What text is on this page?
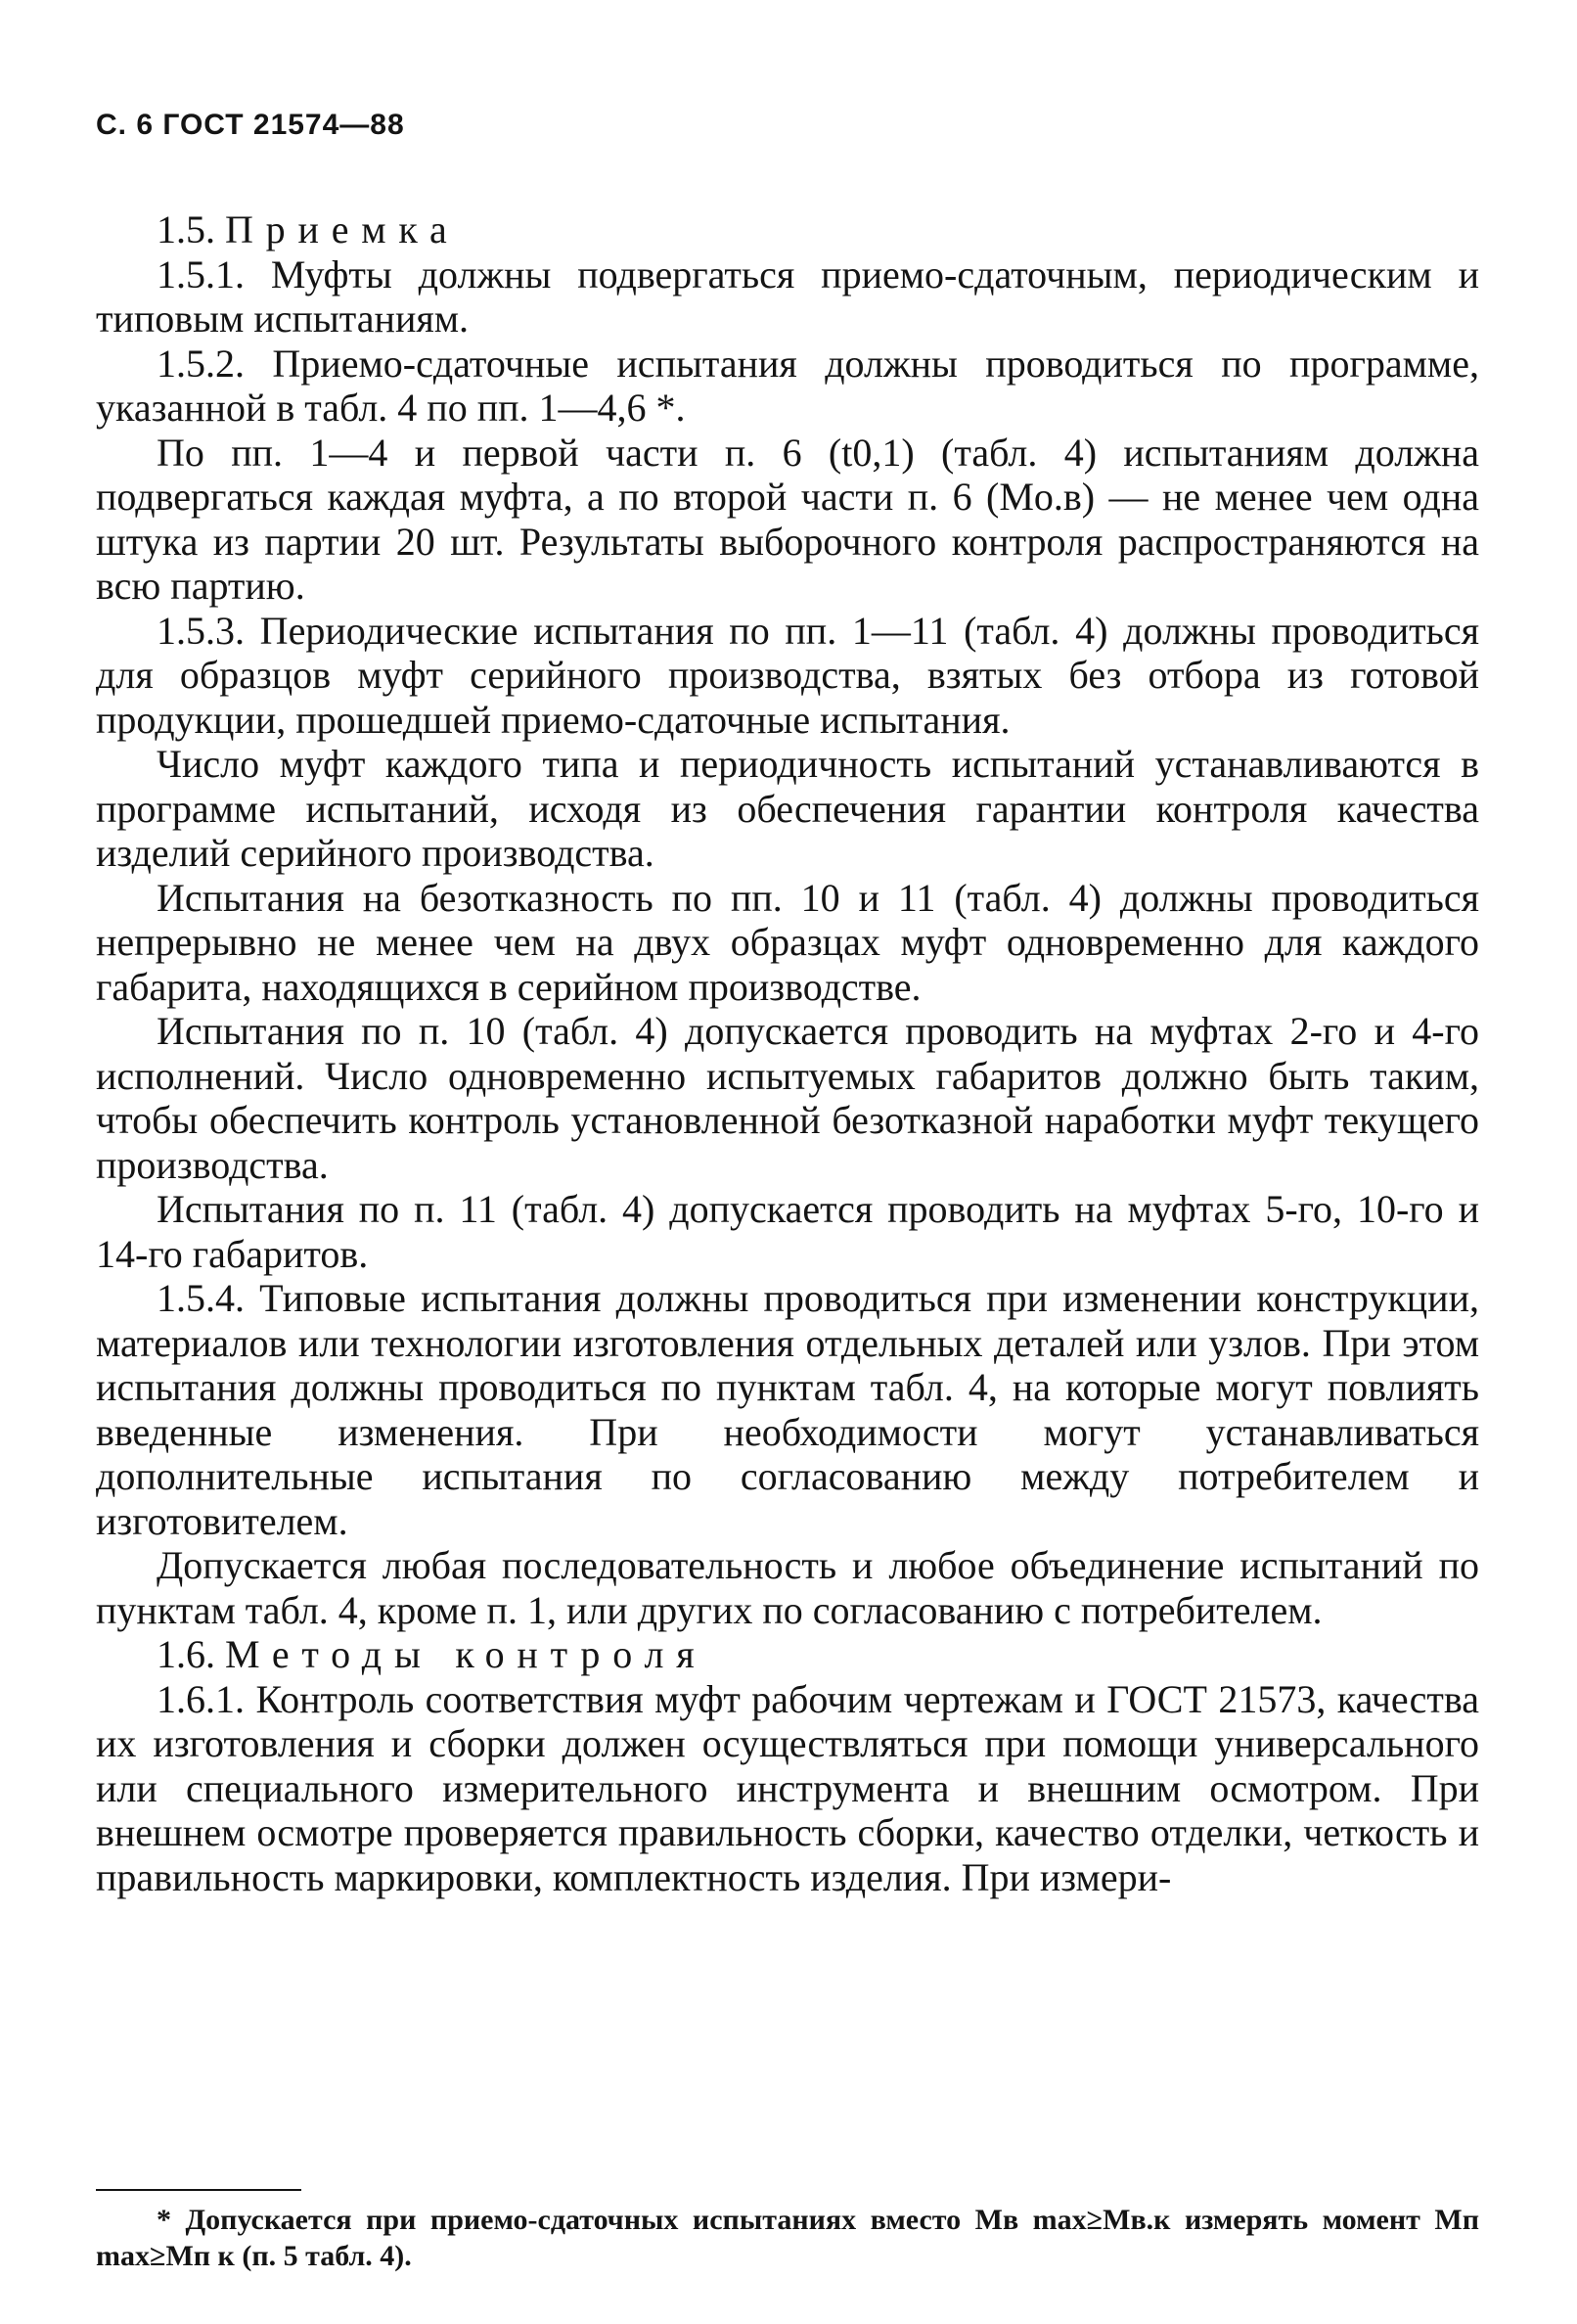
С. 6 ГОСТ 21574—88
1.5. Приемка

1.5.1. Муфты должны подвергаться приемо-сдаточным, периодическим и типовым испытаниям.

1.5.2. Приемо-сдаточные испытания должны проводиться по программе, указанной в табл. 4 по пп. 1—4,6 *.

По пп. 1—4 и первой части п. 6 (t0,1) (табл. 4) испытаниям должна подвергаться каждая муфта, а по второй части п. 6 (Mо.в) — не менее чем одна штука из партии 20 шт. Результаты выборочного контроля распространяются на всю партию.

1.5.3. Периодические испытания по пп. 1—11 (табл. 4) должны проводиться для образцов муфт серийного производства, взятых без отбора из готовой продукции, прошедшей приемо-сдаточные испытания.

Число муфт каждого типа и периодичность испытаний устанавливаются в программе испытаний, исходя из обеспечения гарантии контроля качества изделий серийного производства.

Испытания на безотказность по пп. 10 и 11 (табл. 4) должны проводиться непрерывно не менее чем на двух образцах муфт одновременно для каждого габарита, находящихся в серийном производстве.

Испытания по п. 10 (табл. 4) допускается проводить на муфтах 2-го и 4-го исполнений. Число одновременно испытуемых габаритов должно быть таким, чтобы обеспечить контроль установленной безотказной наработки муфт текущего производства.

Испытания по п. 11 (табл. 4) допускается проводить на муфтах 5-го, 10-го и 14-го габаритов.

1.5.4. Типовые испытания должны проводиться при изменении конструкции, материалов или технологии изготовления отдельных деталей или узлов. При этом испытания должны проводиться по пунктам табл. 4, на которые могут повлиять введенные изменения. При необходимости могут устанавливаться дополнительные испытания по согласованию между потребителем и изготовителем.

Допускается любая последовательность и любое объединение испытаний по пунктам табл. 4, кроме п. 1, или других по согласованию с потребителем.

1.6. Методы контроля

1.6.1. Контроль соответствия муфт рабочим чертежам и ГОСТ 21573, качества их изготовления и сборки должен осуществляться при помощи универсального или специального измерительного инструмента и внешним осмотром. При внешнем осмотре проверяется правильность сборки, качество отделки, четкость и правильность маркировки, комплектность изделия. При измери-

* Допускается при приемо-сдаточных испытаниях вместо Mв max≥Mв.к измерять момент Mп max≥Mп к (п. 5 табл. 4).
